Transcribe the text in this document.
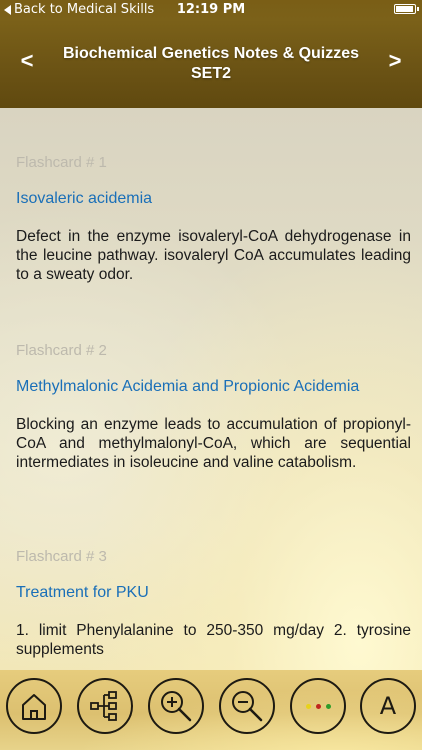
Back to Medical Skills	12:19 PM
<	Biochemical Genetics Notes & Quizzes
SET2
>

Flashcard # 1

Isovaleric acidemia

Defect in the enzyme isovaleryl-CoA dehydrogenase in the leucine pathway. isovaleryl CoA accumulates leading to a sweaty odor.

Flashcard # 2

Methylmalonic Acidemia and Propionic Acidemia

Blocking an enzyme leads to accumulation of propionyl-CoA and methylmalonyl-CoA, which are sequential intermediates in isoleucine and valine catabolism.

Flashcard # 3

Treatment for PKU

1. limit Phenylalanine to 250-350 mg/day 2. tyrosine supplements

A
